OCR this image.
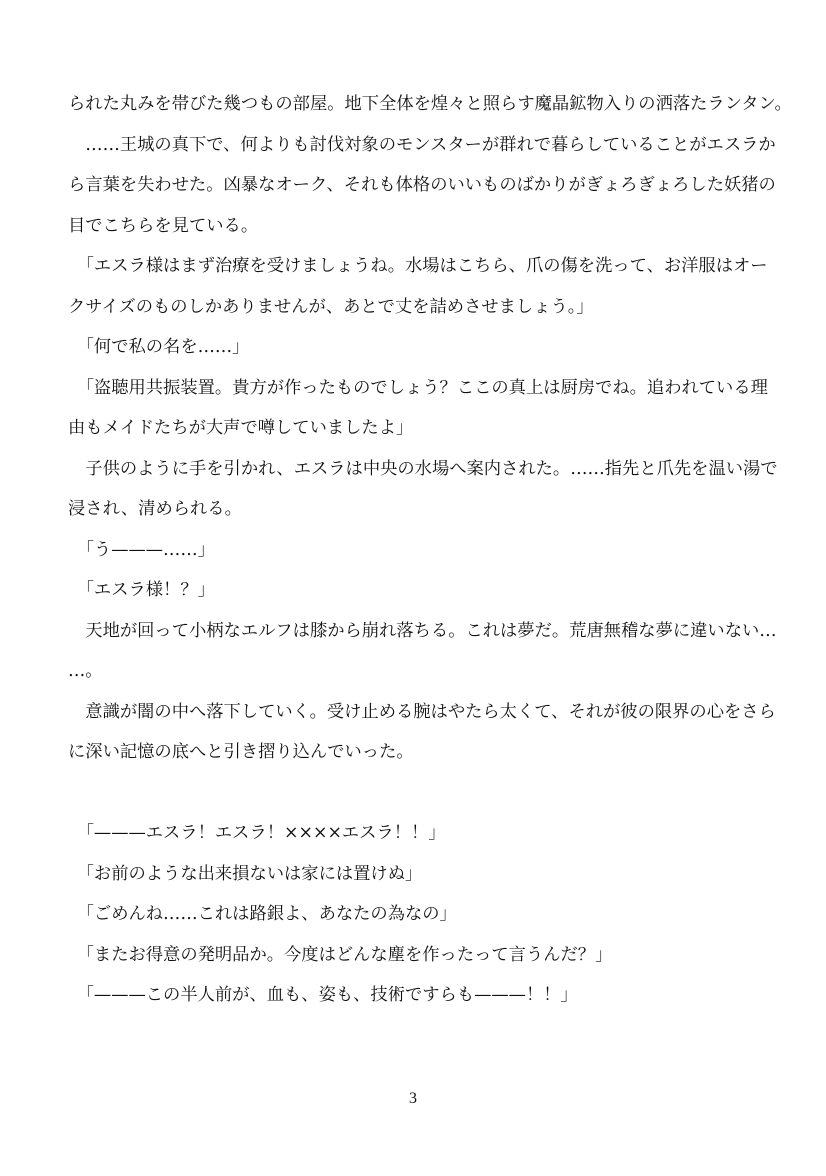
られた丸みを帯びた幾つもの部屋。地下全体を煌々と照らす魔晶鉱物入りの洒落たランタン。
　……王城の真下で、何よりも討伐対象のモンスターが群れで暮らしていることがエスラか
ら言葉を失わせた。凶暴なオーク、それも体格のいいものばかりがぎょろぎょろした妖猪の
目でこちらを見ている。
　「エスラ様はまず治療を受けましょうね。水場はこちら、爪の傷を洗って、お洋服はオー
クサイズのものしかありませんが、あとで丈を詰めさせましょう。」
　「何で私の名を……」
　「盗聴用共振装置。貴方が作ったものでしょう？ここの真上は厨房でね。追われている理
由もメイドたちが大声で噂していましたよ」
　子供のように手を引かれ、エスラは中央の水場へ案内された。……指先と爪先を温い湯で
浸され、清められる。
　「う———……」
　「エスラ様！？」
　天地が回って小柄なエルフは膝から崩れ落ちる。これは夢だ。荒唐無稽な夢に違いない…
…。
　意識が闇の中へ落下していく。受け止める腕はやたら太くて、それが彼の限界の心をさら
に深い記憶の底へと引き摺り込んでいった。
　「———エスラ！エスラ！××××エスラ！！」
　「お前のような出来損ないは家には置けぬ」
　「ごめんね……これは路銀よ、あなたの為なの」
　「またお得意の発明品か。今度はどんな塵を作ったって言うんだ？」
　「———この半人前が、血も、姿も、技術ですらも———！！」
3
